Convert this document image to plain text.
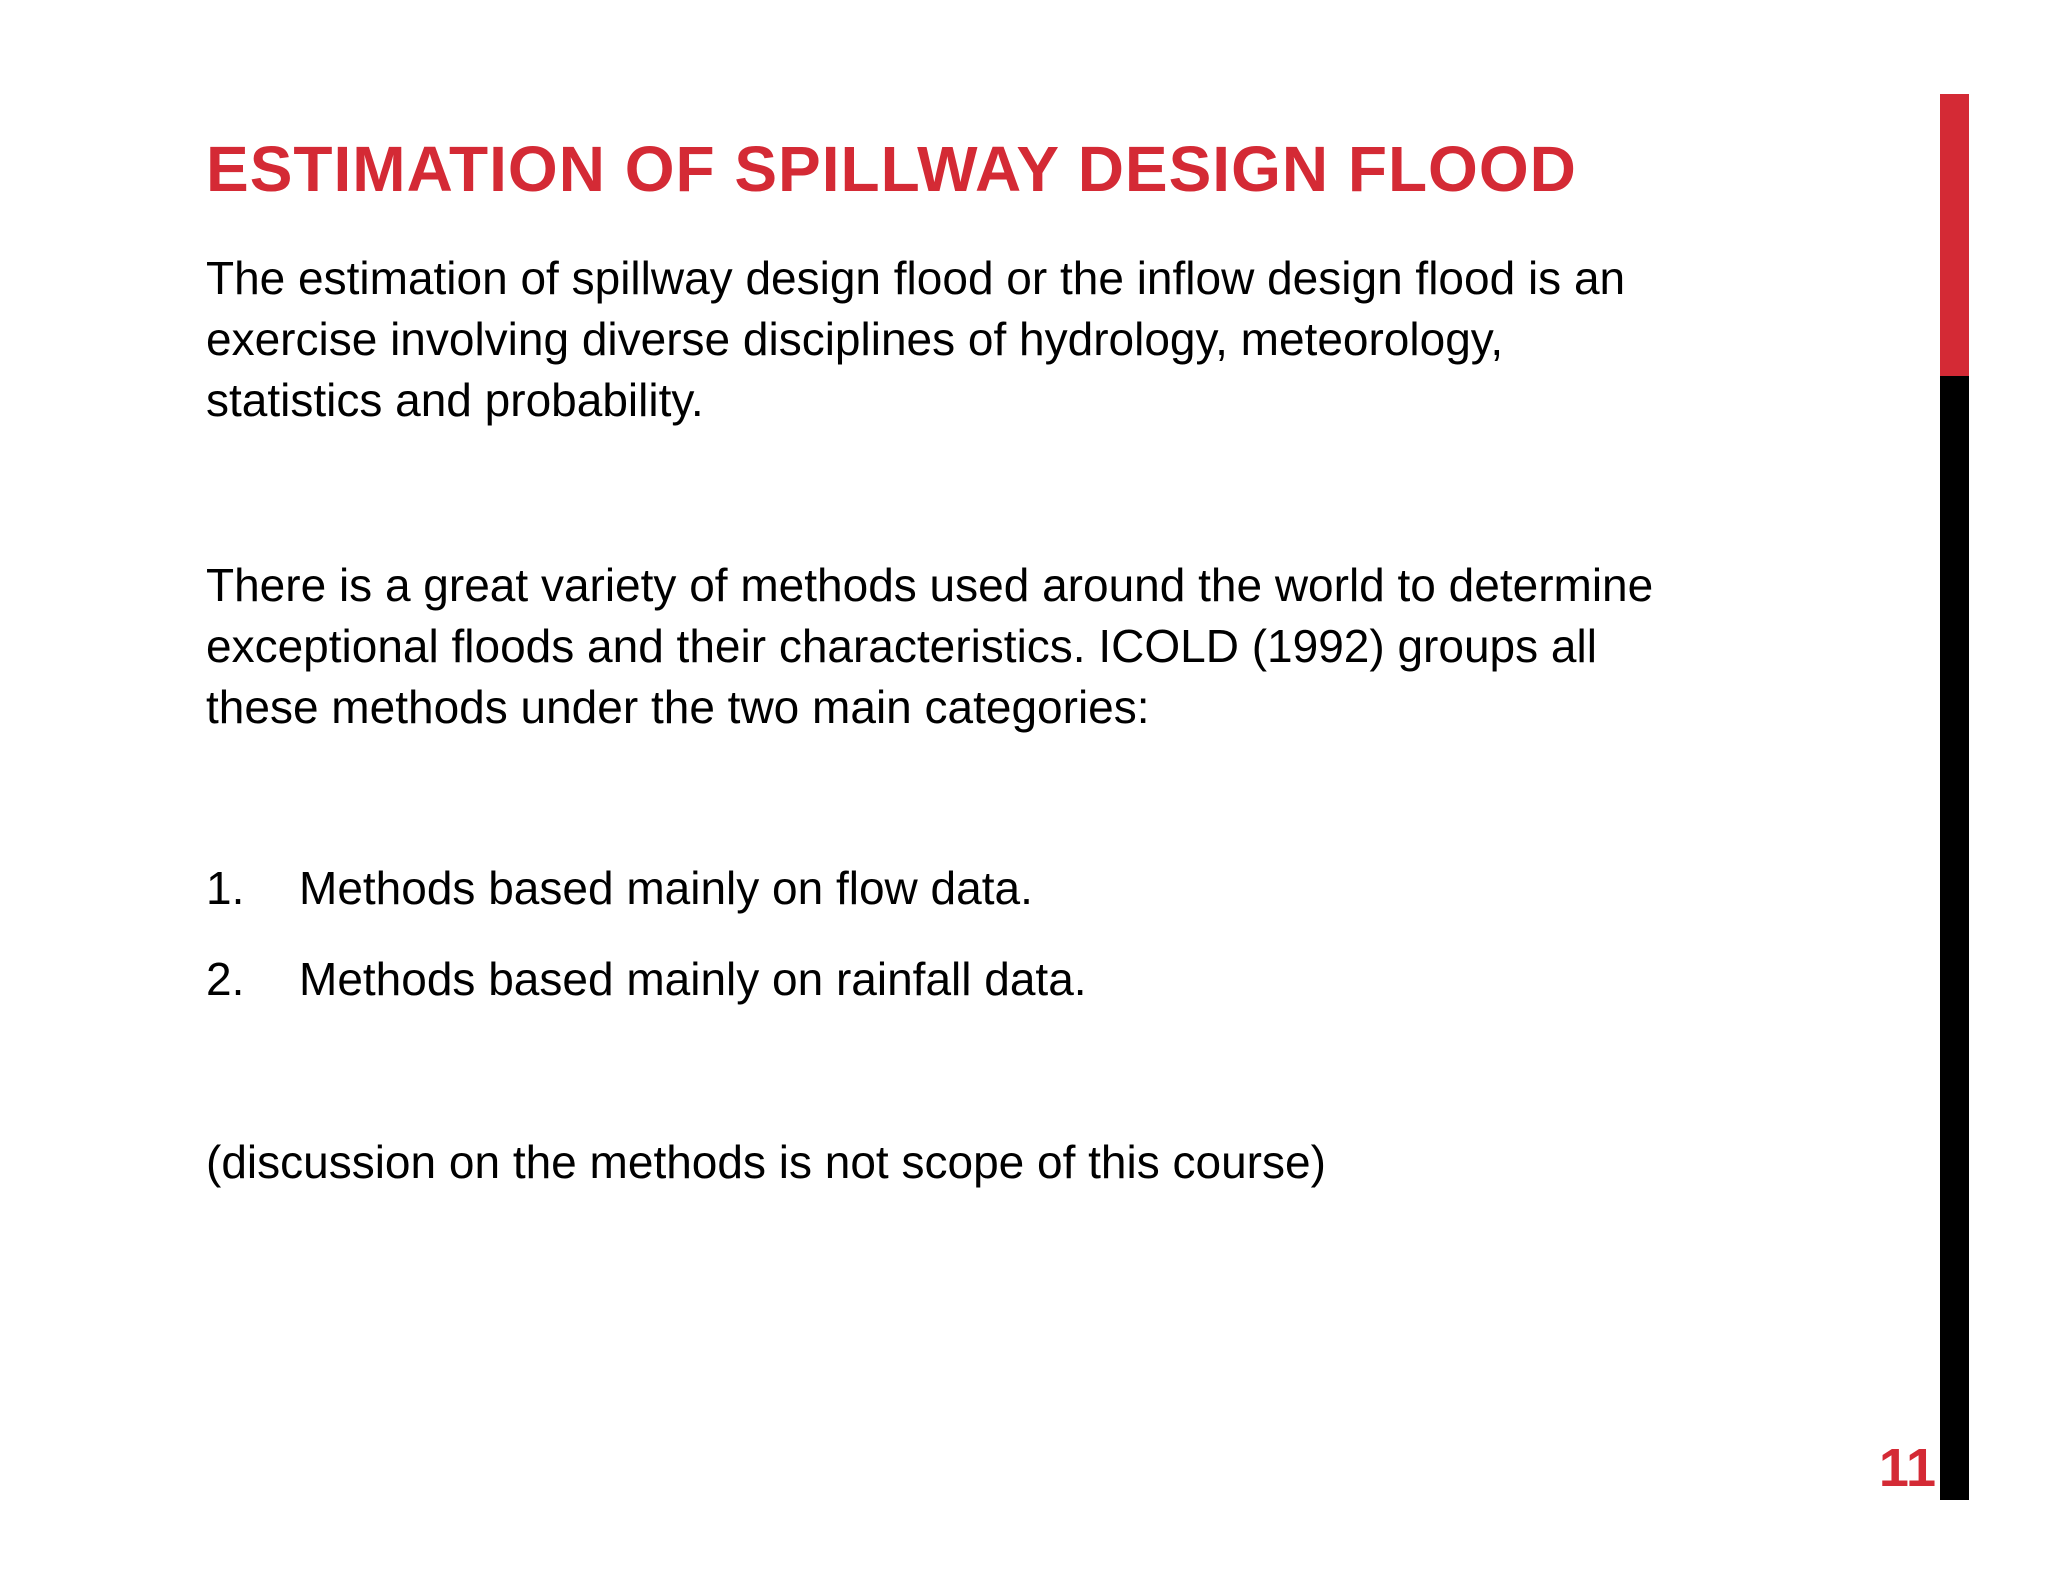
ESTIMATION OF SPILLWAY DESIGN FLOOD

The estimation of spillway design flood or the inflow design flood is an
exercise involving diverse disciplines of hydrology, meteorology,
statistics and probability.

There is a great variety of methods used around the world to determine
exceptional floods and their characteristics. ICOLD (1992) groups all
these methods under the two main categories:

1.	Methods based mainly on flow data.
2.	Methods based mainly on rainfall data.

(discussion on the methods is not scope of this course)

11
